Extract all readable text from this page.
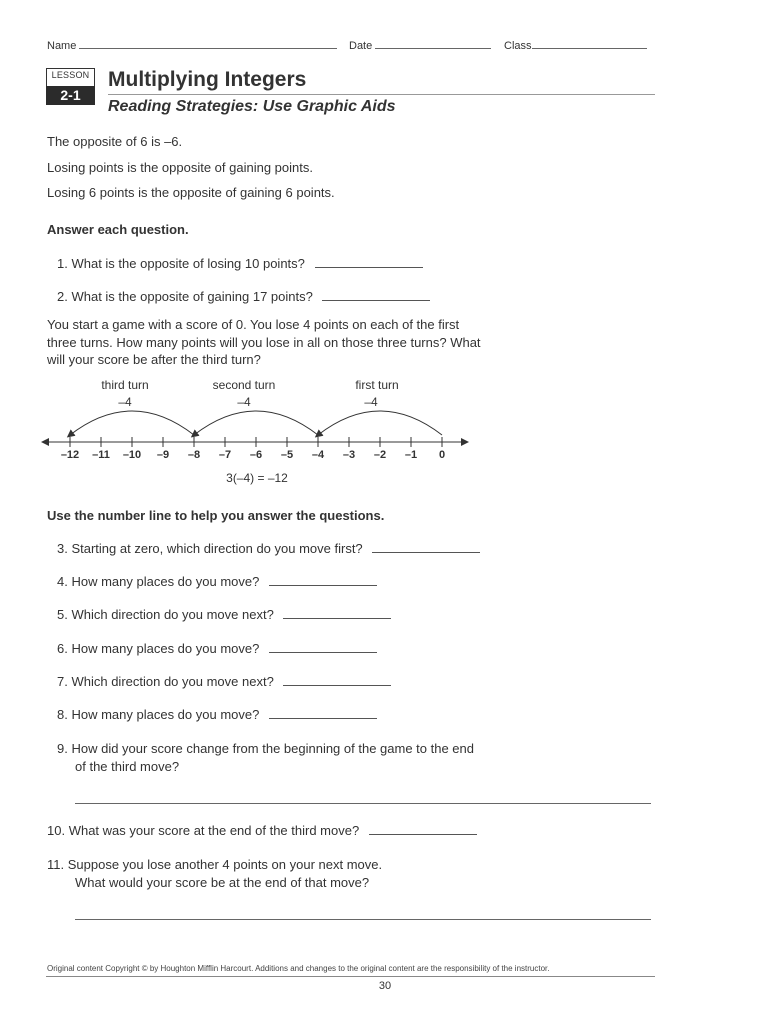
Name	Date	Class
LESSON
2-1
Multiplying Integers
Reading Strategies: Use Graphic Aids
The opposite of 6 is –6.
Losing points is the opposite of gaining points.
Losing 6 points is the opposite of gaining 6 points.
Answer each question.
1. What is the opposite of losing 10 points?
2. What is the opposite of gaining 17 points?
You start a game with a score of 0. You lose 4 points on each of the first
three turns. How many points will you lose in all on those three turns? What
will your score be after the third turn?
third turn
–4
second turn
–4
first turn
–4
–12	–11	–10	–9	–8	–7	–6	–5	–4	–3	–2	–1	0
3(–4) = –12
Use the number line to help you answer the questions.
3. Starting at zero, which direction do you move first?
4. How many places do you move?
5. Which direction do you move next?
6. How many places do you move?
7. Which direction do you move next?
8. How many places do you move?
9. How did your score change from the beginning of the game to the end
of the third move?
10. What was your score at the end of the third move?
11. Suppose you lose another 4 points on your next move.
What would your score be at the end of that move?
Original content Copyright © by Houghton Mifflin Harcourt. Additions and changes to the original content are the responsibility of the instructor.
30
